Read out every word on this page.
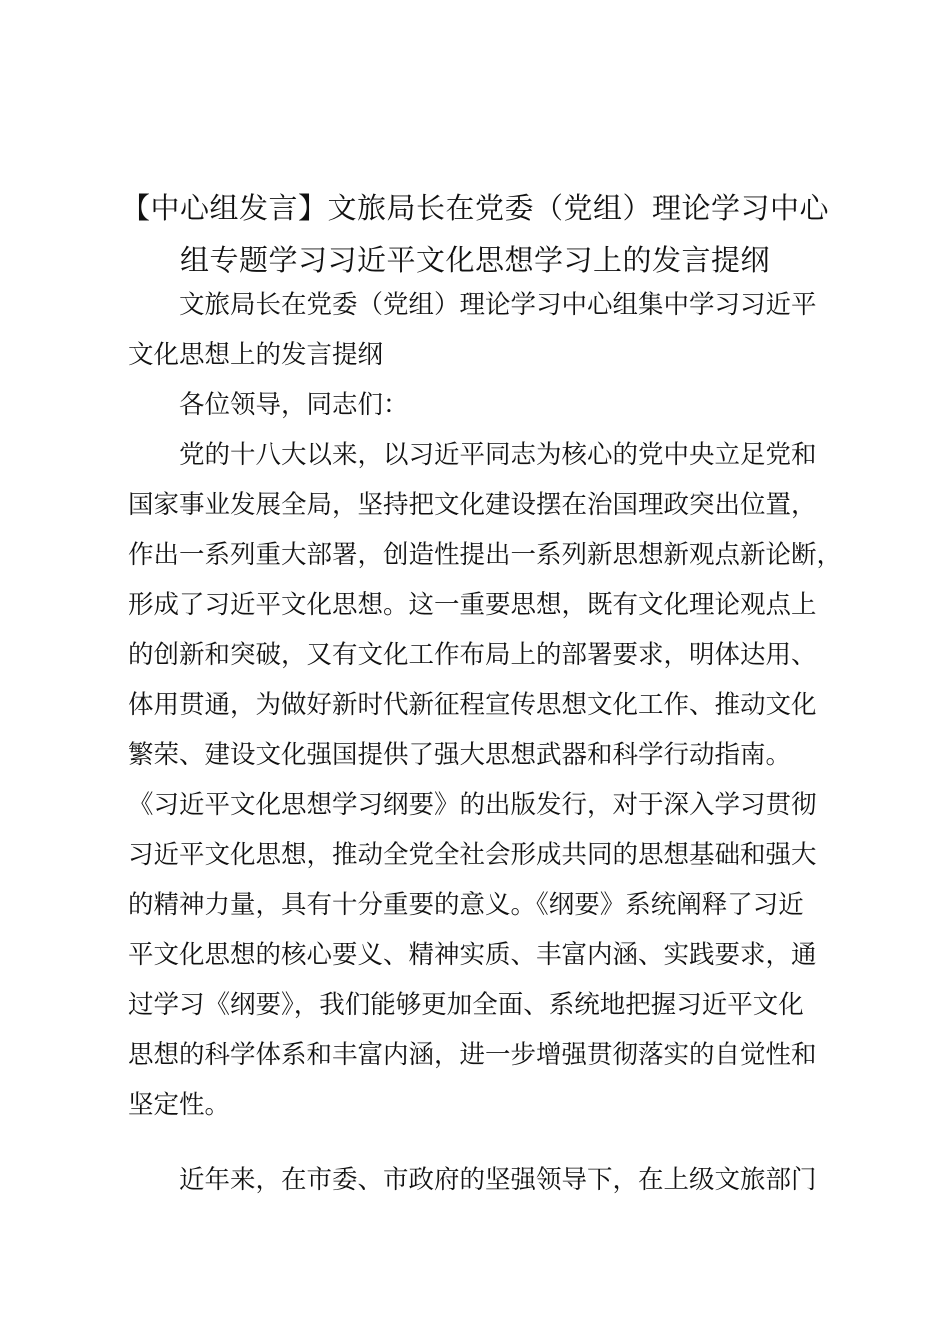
【中心组发言】文旅局长在党委（党组）理论学习中心
组专题学习习近平文化思想学习上的发言提纲
文旅局长在党委（党组）理论学习中心组集中学习习近平
文化思想上的发言提纲
各位领导，同志们：
党的十八大以来，以习近平同志为核心的党中央立足党和
国家事业发展全局，坚持把文化建设摆在治国理政突出位置，
作出一系列重大部署，创造性提出一系列新思想新观点新论断，
形成了习近平文化思想。这一重要思想，既有文化理论观点上
的创新和突破，又有文化工作布局上的部署要求，明体达用、
体用贯通，为做好新时代新征程宣传思想文化工作、推动文化
繁荣、建设文化强国提供了强大思想武器和科学行动指南。
《习近平文化思想学习纲要》的出版发行，对于深入学习贯彻
习近平文化思想，推动全党全社会形成共同的思想基础和强大
的精神力量，具有十分重要的意义。《纲要》系统阐释了习近
平文化思想的核心要义、精神实质、丰富内涵、实践要求，通
过学习《纲要》，我们能够更加全面、系统地把握习近平文化
思想的科学体系和丰富内涵，进一步增强贯彻落实的自觉性和
坚定性。
近年来，在市委、市政府的坚强领导下，在上级文旅部门
